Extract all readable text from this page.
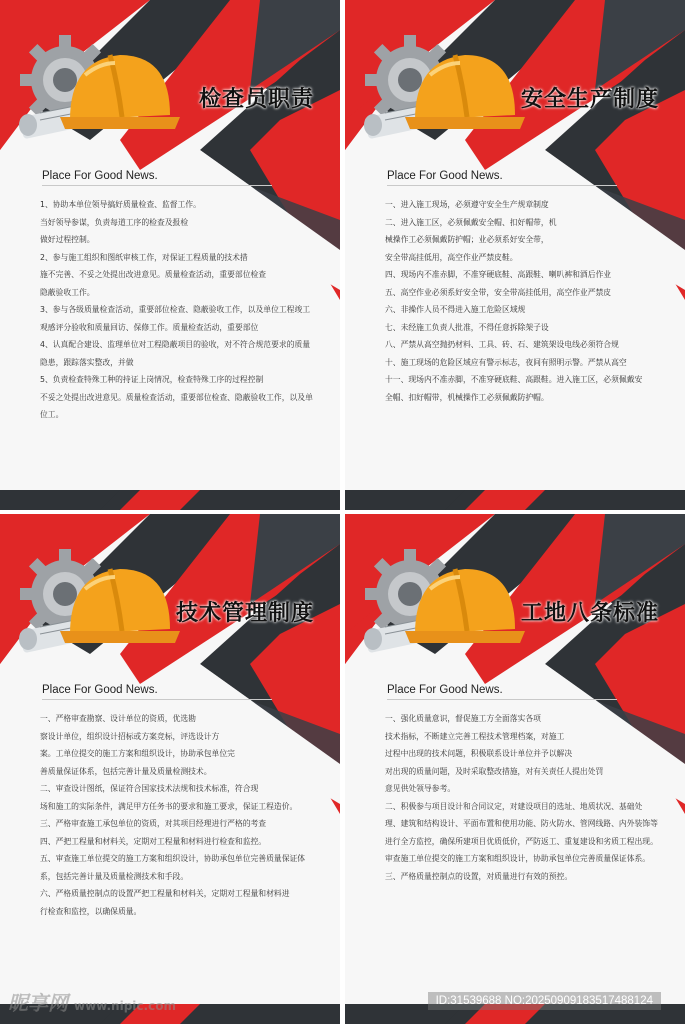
检查员职责
Place For Good News.

1、协助本单位领导搞好质量检查、监督工作。

当好领导参谋，负责每道工序的检查及报检

做好过程控制。

2、参与施工组织和图纸审核工作，对保证工程质量的技术措

施不完善、不妥之处提出改进意见。质量检查活动，重要部位检查

隐蔽验收工作。

3、参与各级质量检查活动，重要部位检查、隐蔽验收工作，以及单位工程竣工

观感评分验收和质量回访、保修工作。质量检查活动，重要部位

4、认真配合建设、监理单位对工程隐蔽项目的验收，对不符合规范要求的质量

隐患，跟踪落实整改，并做

5、负责检查特殊工种的持证上岗情况，检查特殊工序的过程控制

不妥之处提出改进意见。质量检查活动，重要部位检查、隐蔽验收工作，以及单

位工。

安全生产制度
Place For Good News.

一、进入施工现场，必须遵守安全生产规章制度

二、进入施工区，必须佩戴安全帽、扣好帽带，机

械操作工必须佩戴防护帽；业必须系好安全带，

安全带高挂低用，高空作业严禁皮鞋。

四、现场内不准赤脚，不准穿硬底鞋、高跟鞋、喇叭裤和酒后作业

五、高空作业必须系好安全带，安全带高挂低用，高空作业严禁皮

六、非操作人员不得进入施工危险区域规

七、未经施工负责人批准，不得任意拆除架子设

八、严禁从高空抛扔材料、工具、砖、石、建筑架设电线必须符合规

十、施工现场的危险区域应有警示标志，夜间有照明示警。严禁从高空

十一、现场内不准赤脚，不准穿硬底鞋、高跟鞋。进入施工区，必须佩戴安

全帽、扣好帽带，机械操作工必须佩戴防护帽。

技术管理制度
Place For Good News.

一、严格审查勘察、设计单位的资质，优选勘

察设计单位，组织设计招标或方案竞标，评选设计方

案。工单位提交的施工方案和组织设计，协助承包单位完

善质量保证体系，包括完善计量及质量检测技术。

二、审查设计图纸，保证符合国家技术法规和技术标准，符合现

场和施工的实际条件，满足甲方任务书的要求和施工要求，保证工程造价。

三、严格审查施工承包单位的资质，对其项目经理进行严格的考查

四、严把工程量和材料关，定期对工程量和材料进行检查和监控。

五、审查施工单位提交的施工方案和组织设计，协助承包单位完善质量保证体

系，包括完善计量及质量检测技术和手段。

六、严格质量控制点的设置严把工程量和材料关，定期对工程量和材料进

行检查和监控，以确保质量。

工地八条标准
Place For Good News.

一、强化质量意识，督促施工方全面落实各项

技术指标，不断建立完善工程技术管理档案，对施工

过程中出现的技术问题，积极联系设计单位并予以解决

对出现的质量问题，及时采取整改措施，对有关责任人提出处罚

意见供处领导参考。

二、积极参与项目设计和合同议定，对建设项目的选址、地质状况、基础处

理、建筑和结构设计、平面布置和使用功能、防火防水、管网线路、内外装饰等

进行全方监控，确保所建项目优质低价，严防返工、重复建设和劣质工程出现。

审查施工单位提交的施工方案和组织设计，协助承包单位完善质量保证体系。

三、严格质量控制点的设置，对质量进行有效的预控。

昵享网 www.nipic.com	ID:31539688 NO:20250909183517488124
